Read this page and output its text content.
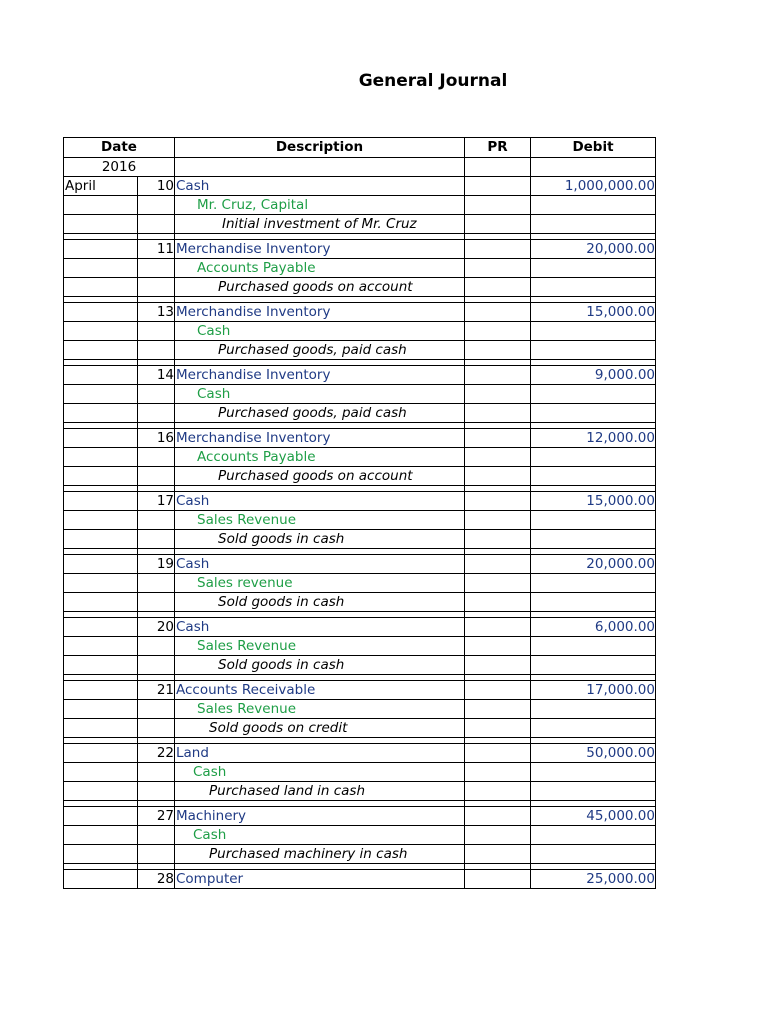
General Journal
Date		Description	PR	Debit
2016				
April	10	Cash		1,000,000.00
		Mr. Cruz, Capital		
		Initial investment of Mr. Cruz		

	11	Merchandise Inventory		20,000.00
		Accounts Payable		
		Purchased goods on account		

	13	Merchandise Inventory		15,000.00
		Cash		
		Purchased goods, paid cash		

	14	Merchandise Inventory		9,000.00
		Cash		
		Purchased goods, paid cash		

	16	Merchandise Inventory		12,000.00
		Accounts Payable		
		Purchased goods on account		

	17	Cash		15,000.00
		Sales Revenue		
		Sold goods in cash		

	19	Cash		20,000.00
		Sales revenue		
		Sold goods in cash		

	20	Cash		6,000.00
		Sales Revenue		
		Sold goods in cash		

	21	Accounts Receivable		17,000.00
		Sales Revenue		
		Sold goods on credit		

	22	Land		50,000.00
		Cash		
		Purchased land in cash		

	27	Machinery		45,000.00
		Cash		
		Purchased machinery in cash		

	28	Computer		25,000.00
